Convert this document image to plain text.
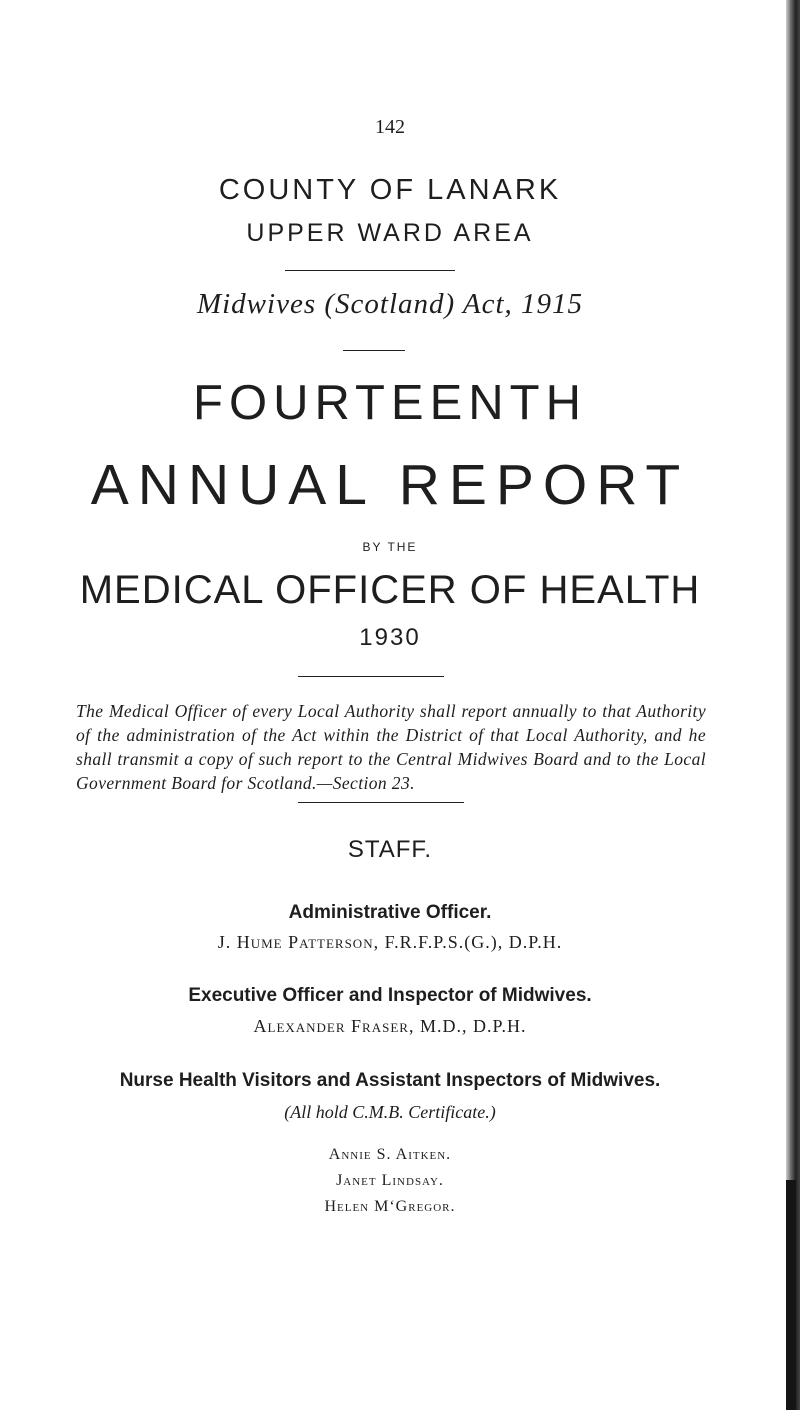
142
COUNTY OF LANARK
UPPER WARD AREA
Midwives (Scotland) Act, 1915
FOURTEENTH
ANNUAL REPORT
BY THE
MEDICAL OFFICER OF HEALTH
1930
The Medical Officer of every Local Authority shall report annually to that Authority of the administration of the Act within the District of that Local Authority, and he shall transmit a copy of such report to the Central Midwives Board and to the Local Government Board for Scotland.—Section 23.
STAFF.
Administrative Officer.
J. Hume Patterson, F.R.F.P.S.(G.), D.P.H.
Executive Officer and Inspector of Midwives.
Alexander Fraser, M.D., D.P.H.
Nurse Health Visitors and Assistant Inspectors of Midwives.
(All hold C.M.B. Certificate.)
Annie S. Aitken.
Janet Lindsay.
Helen M‘Gregor.
